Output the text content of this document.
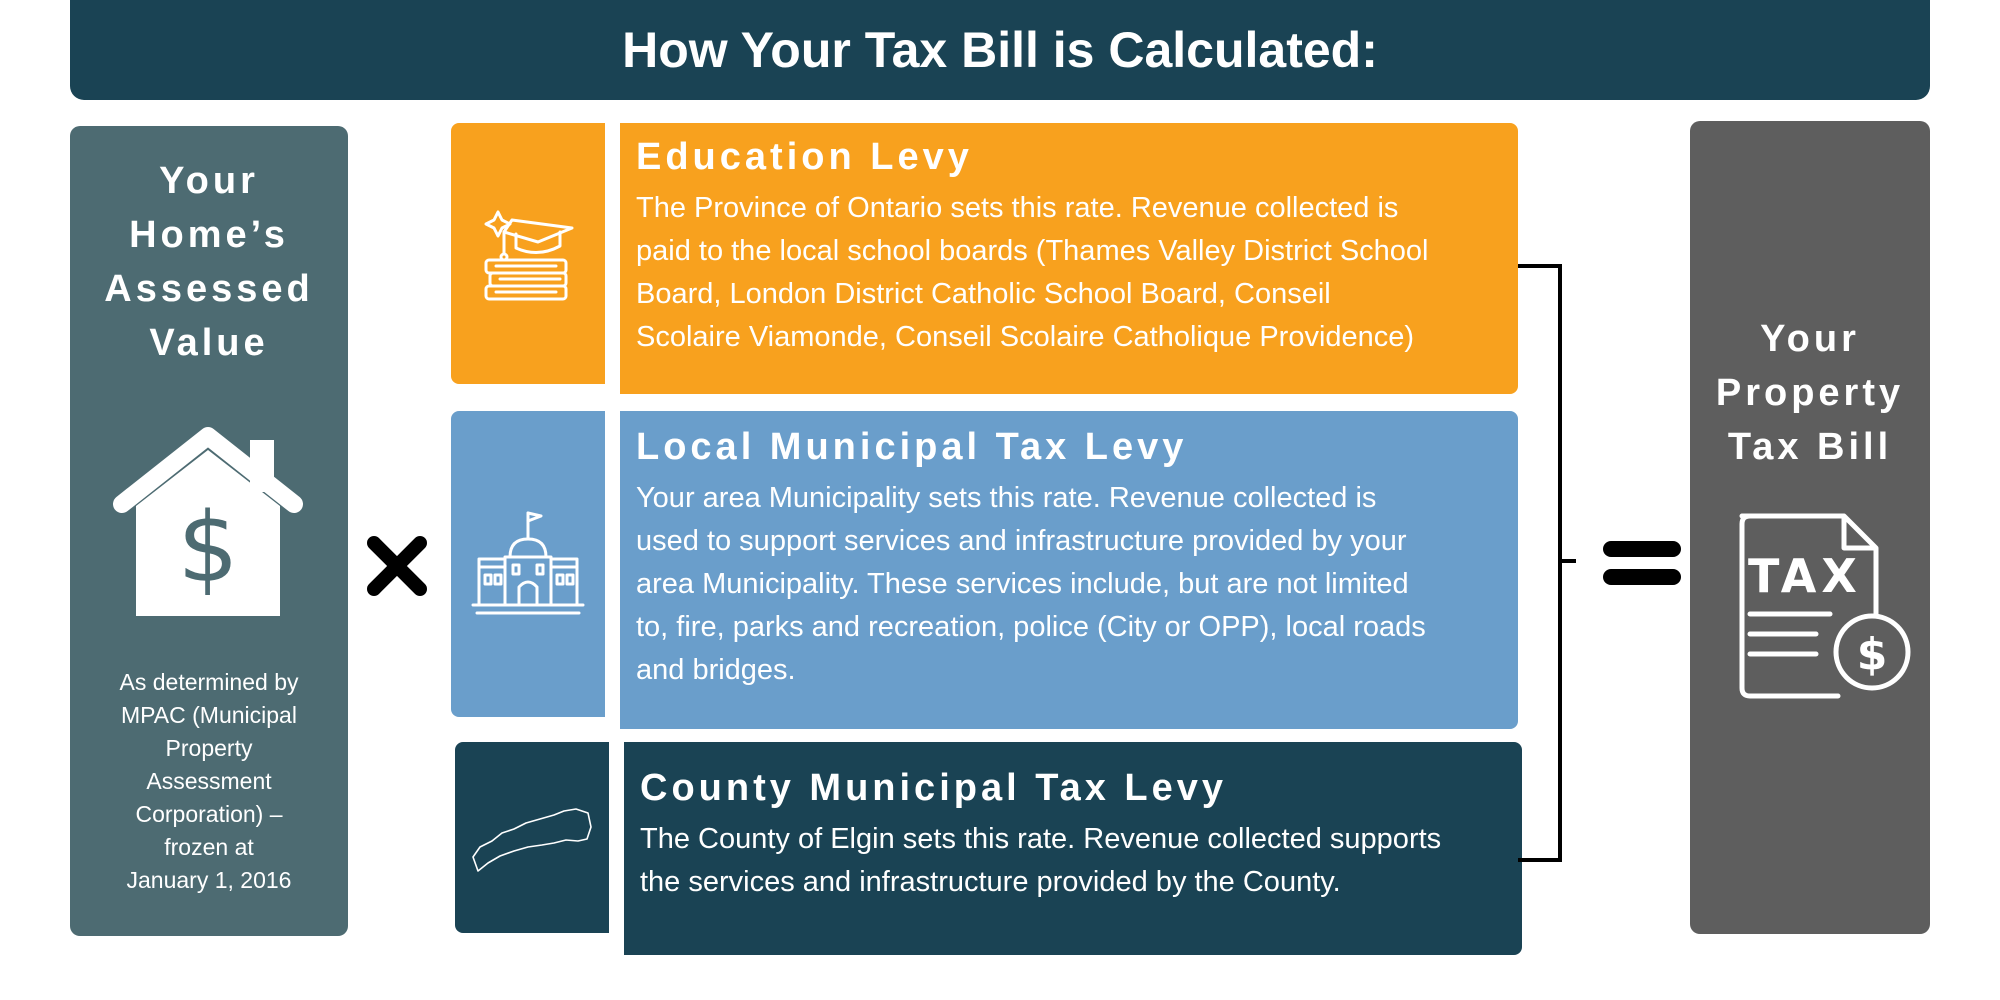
How Your Tax Bill is Calculated:
Your
Home’s
Assessed
Value
$
As determined by
MPAC (Municipal
Property
Assessment
Corporation) –
frozen at
January 1, 2016
Education Levy
The Province of Ontario sets this rate. Revenue collected is
paid to the local school boards (Thames Valley District School
Board, London District Catholic School Board, Conseil
Scolaire Viamonde, Conseil Scolaire Catholique Providence)
Local Municipal Tax Levy
Your area Municipality sets this rate. Revenue collected is
used to support services and infrastructure provided by your
area Municipality. These services include, but are not limited
to, fire, parks and recreation, police (City or OPP), local roads
and bridges.
County Municipal Tax Levy
The County of Elgin sets this rate. Revenue collected supports
the services and infrastructure provided by the County.
Your
Property
Tax Bill
TAX
$
